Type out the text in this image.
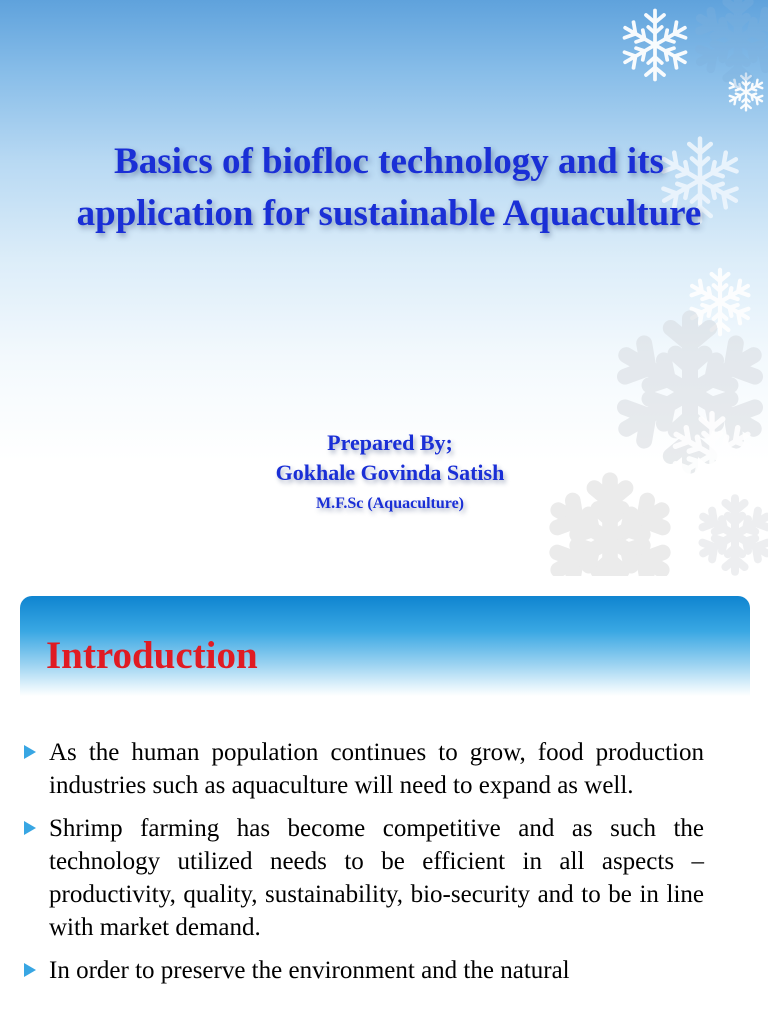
Basics of biofloc technology and its application for sustainable Aquaculture
Prepared By;
Gokhale Govinda Satish
M.F.Sc (Aquaculture)
Introduction
As the human population continues to grow, food production industries such as aquaculture will need to expand as well.
Shrimp farming has become competitive and as such the technology utilized needs to be efficient in all aspects – productivity, quality, sustainability, bio-security and to be in line with market demand.
In order to preserve the environment and the natural
